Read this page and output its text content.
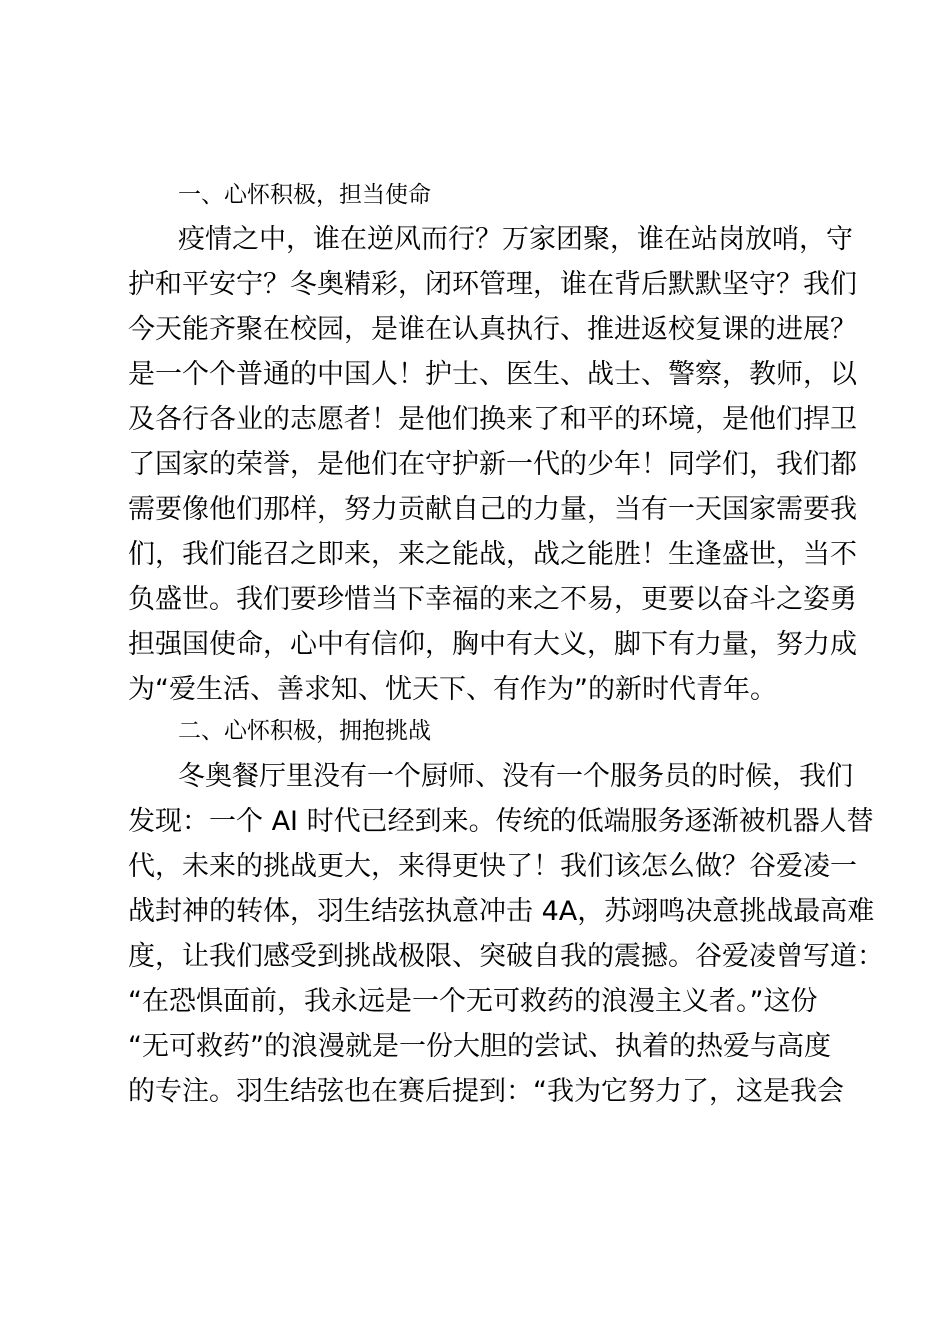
一、心怀积极，担当使命
疫情之中，谁在逆风而行？万家团聚，谁在站岗放哨，守
护和平安宁？冬奥精彩，闭环管理，谁在背后默默坚守？我们
今天能齐聚在校园，是谁在认真执行、推进返校复课的进展？
是一个个普通的中国人！护士、医生、战士、警察，教师，以
及各行各业的志愿者！是他们换来了和平的环境，是他们捍卫
了国家的荣誉，是他们在守护新一代的少年！同学们，我们都
需要像他们那样，努力贡献自己的力量，当有一天国家需要我
们，我们能召之即来，来之能战，战之能胜！生逢盛世，当不
负盛世。我们要珍惜当下幸福的来之不易，更要以奋斗之姿勇
担强国使命，心中有信仰，胸中有大义，脚下有力量，努力成
为“爱生活、善求知、忧天下、有作为”的新时代青年。
二、心怀积极，拥抱挑战
冬奥餐厅里没有一个厨师、没有一个服务员的时候，我们
发现：一个 AI 时代已经到来。传统的低端服务逐渐被机器人替
代，未来的挑战更大，来得更快了！我们该怎么做？谷爱凌一
战封神的转体，羽生结弦执意冲击 4A，苏翊鸣决意挑战最高难
度，让我们感受到挑战极限、突破自我的震撼。谷爱凌曾写道：
“在恐惧面前，我永远是一个无可救药的浪漫主义者。”这份
“无可救药”的浪漫就是一份大胆的尝试、执着的热爱与高度
的专注。羽生结弦也在赛后提到：“我为它努力了，这是我会
